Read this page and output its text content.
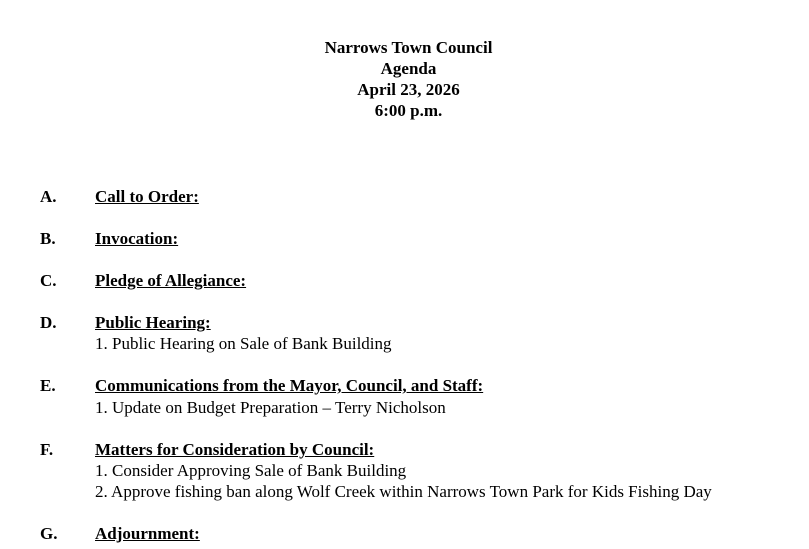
Narrows Town Council
Agenda
April 23, 2026
6:00 p.m.
A. Call to Order:
B. Invocation:
C. Pledge of Allegiance:
D. Public Hearing:
1. Public Hearing on Sale of Bank Building
E. Communications from the Mayor, Council, and Staff:
1. Update on Budget Preparation – Terry Nicholson
F. Matters for Consideration by Council:
1. Consider Approving Sale of Bank Building
2. Approve fishing ban along Wolf Creek within Narrows Town Park for Kids Fishing Day
G. Adjournment:
